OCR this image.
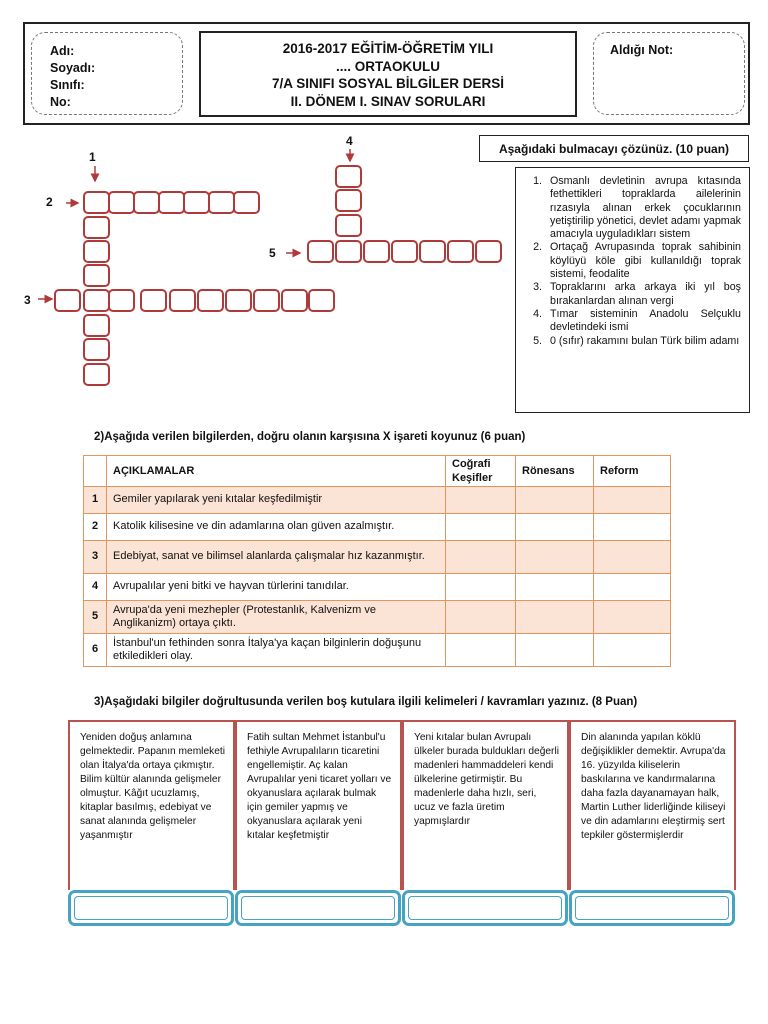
Adı:
Soyadı:
Sınıfı:
No:
2016-2017 EĞİTİM-ÖĞRETİM YILI
.... ORTAOKULU
7/A SINIFI SOSYAL BİLGİLER DERSİ
II. DÖNEM I. SINAV SORULARI
Aldığı Not:
1
2
3
4
5
Aşağıdaki bulmacayı çözünüz. (10 puan)
1. Osmanlı devletinin avrupa kıtasında fethettikleri topraklarda ailelerinin rızasıyla alınan erkek çocuklarının yetiştirilip yönetici, devlet adamı yapmak amacıyla uyguladıkları sistem
2. Ortaçağ Avrupasında toprak sahibinin köylüyü köle gibi kullanıldığı toprak sistemi, feodalite
3. Topraklarını arka arkaya iki yıl boş bırakanlardan alınan vergi
4. Tımar sisteminin Anadolu Selçuklu devletindeki ismi
5. 0 (sıfır) rakamını bulan Türk bilim adamı
2)Aşağıda verilen bilgilerden, doğru olanın karşısına X işareti koyunuz (6 puan)
	AÇIKLAMALAR	Coğrafi Keşifler	Rönesans	Reform
1	Gemiler yapılarak yeni kıtalar keşfedilmiştir			
2	Katolik kilisesine ve din adamlarına olan güven azalmıştır.			
3	Edebiyat, sanat ve bilimsel alanlarda çalışmalar hız kazanmıştır.			
4	Avrupalılar yeni bitki ve hayvan türlerini tanıdılar.			
5	Avrupa'da yeni mezhepler (Protestanlık, Kalvenizm ve Anglikanizm) ortaya çıktı.			
6	İstanbul'un fethinden sonra İtalya'ya kaçan bilginlerin doğuşunu etkiledikleri olay.			
3)Aşağıdaki bilgiler doğrultusunda verilen boş kutulara ilgili kelimeleri / kavramları yazınız. (8 Puan)
Yeniden doğuş anlamına gelmektedir. Papanın memleketi olan İtalya'da ortaya çıkmıştır. Bilim kültür alanında gelişmeler olmuştur. Kâğıt ucuzlamış, kitaplar basılmış, edebiyat ve sanat alanında gelişmeler yaşanmıştır
Fatih sultan Mehmet İstanbul'u fethiyle Avrupalıların ticaretini engellemiştir. Aç kalan Avrupalılar yeni ticaret yolları ve okyanuslara açılarak bulmak için gemiler yapmış ve okyanuslara açılarak yeni kıtalar keşfetmiştir
Yeni kıtalar bulan Avrupalı ülkeler burada buldukları değerli madenleri hammaddeleri kendi ülkelerine getirmiştir. Bu madenlerle daha hızlı, seri, ucuz ve fazla üretim yapmışlardır
Din alanında yapılan köklü değişiklikler demektir. Avrupa'da 16. yüzyılda kiliselerin baskılarına ve kandırmalarına daha fazla dayanamayan halk, Martin Luther liderliğinde kiliseyi ve din adamlarını eleştirmiş sert tepkiler göstermişlerdir
